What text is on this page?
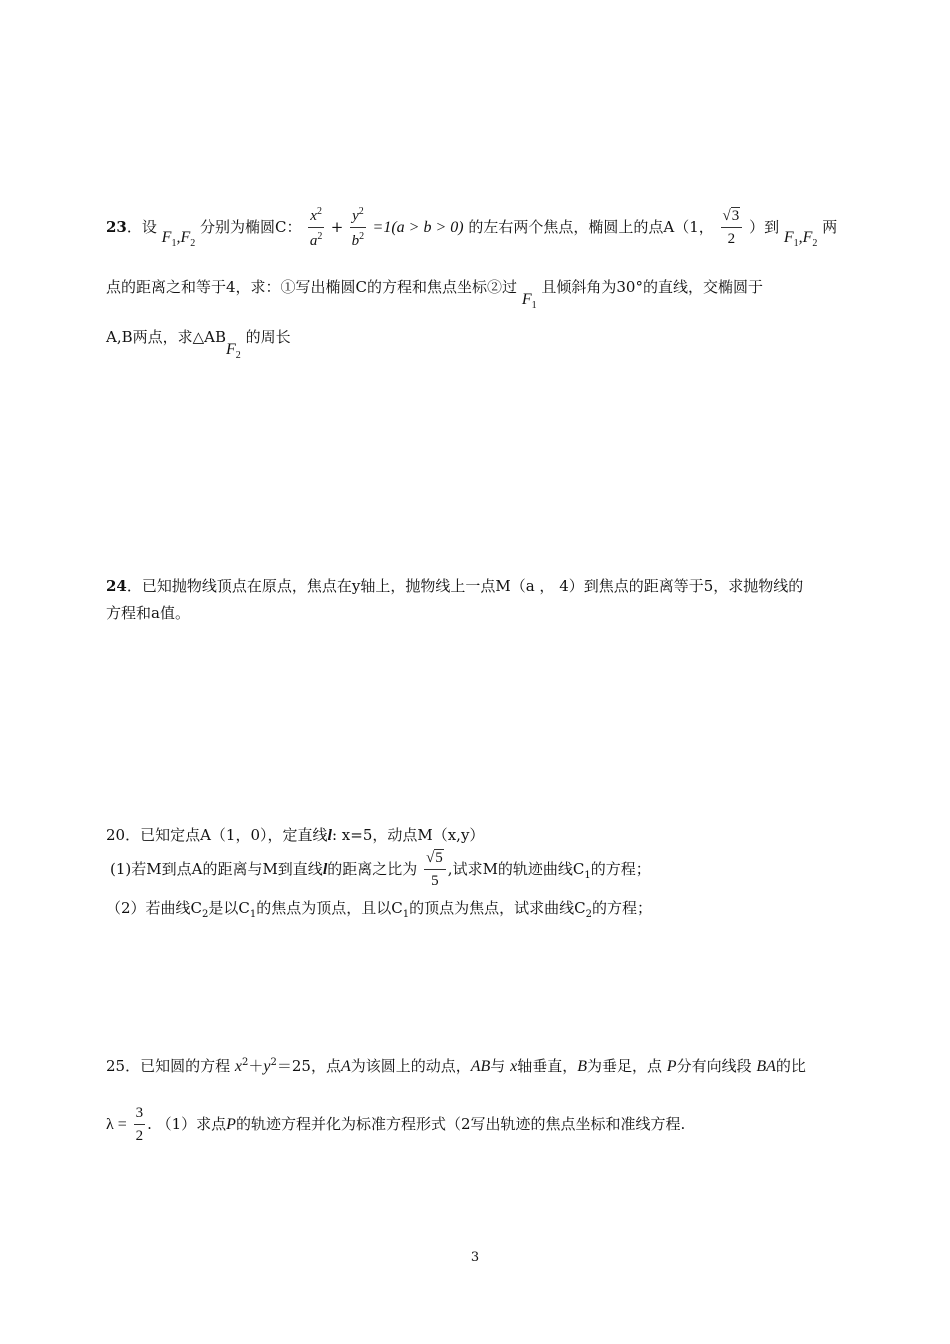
23．设 $F_1,F_2$ 分别为椭圆C： $\frac{x^2}{a^2} + \frac{y^2}{b^2} =1(a > b > 0)$ 的左右两个焦点，椭圆上的点A（1， $\frac{√3}{2}$ ）到 $F_1,F_2$ 两
点的距离之和等于4，求：①写出椭圆C的方程和焦点坐标②过 $F_1$ 且倾斜角为30°的直线，交椭圆于
A,B两点，求$\triangle ABF_2$ 的周长
24．已知抛物线顶点在原点，焦点在y轴上，抛物线上一点M（a ， 4）到焦点的距离等于5，求抛物线的
方程和a值。
20．已知定点A（1，0），定直线l: x=5，动点M（x,y）
(1)若M到点A的距离与M到直线l的距离之比为 $\frac{√5}{5}$ ,试求M的轨迹曲线$C_1$的方程；
（2）若曲线$C_2$是以$C_1$的焦点为顶点，且以$C_1$的顶点为焦点，试求曲线$C_2$的方程；
25．已知圆的方程 $x^2+y^2=25$，点A为该圆上的动点，AB与 x轴垂直，B为垂足，点 P分有向线段 BA的比
$\lambda = \frac{3}{2}$ . （1）求点P的轨迹方程并化为标准方程形式（2写出轨迹的焦点坐标和准线方程.
3
